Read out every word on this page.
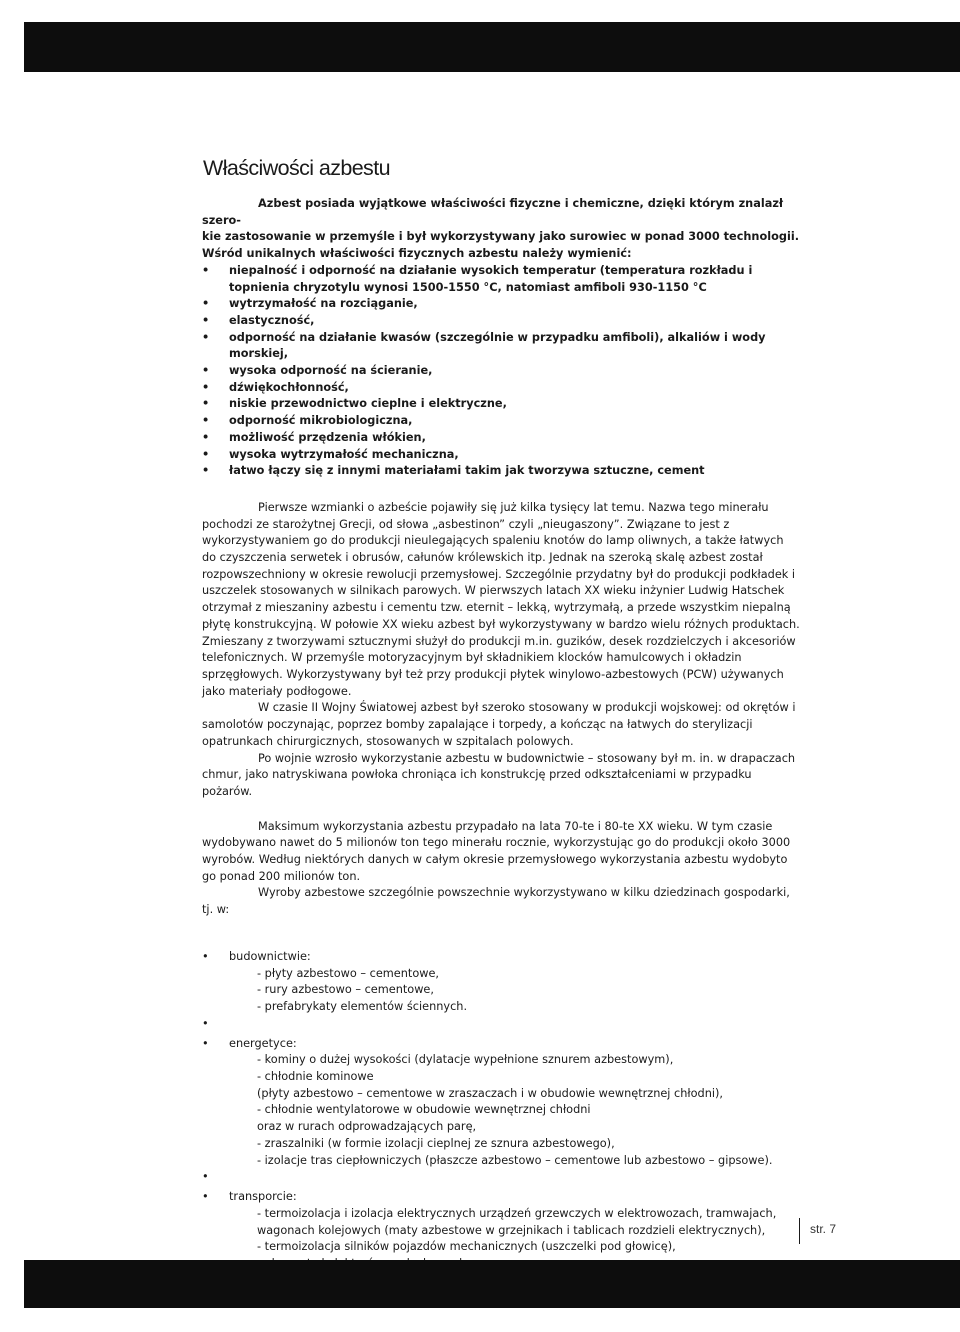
Właściwości azbestu

Azbest posiada wyjątkowe właściwości fizyczne i chemiczne, dzięki którym znalazł szero-

kie zastosowanie w przemyśle i był wykorzystywany jako surowiec w ponad 3000 technologii.

Wśród unikalnych właściwości fizycznych azbestu należy wymienić:

• niepalność i odporność na działanie wysokich temperatur (temperatura rozkładu i topnienia chryzotylu wynosi 1500-1550 °C, natomiast amfiboli 930-1150 °C
• wytrzymałość na rozciąganie,
• elastyczność,
• odporność na działanie kwasów (szczególnie w przypadku amfiboli), alkaliów i wody morskiej,
• wysoka odporność na ścieranie,
• dźwiękochłonność,
• niskie przewodnictwo cieplne i elektryczne,
• odporność mikrobiologiczna,
• możliwość przędzenia włókien,
• wysoka wytrzymałość mechaniczna,
• łatwo łączy się z innymi materiałami takim jak tworzywa sztuczne, cement

Pierwsze wzmianki o azbeście pojawiły się już kilka tysięcy lat temu. Nazwa tego minerału pochodzi ze starożytnej Grecji, od słowa „asbestinon” czyli „nieugaszony”. Związane to jest z wykorzystywaniem go do produkcji nieulegających spaleniu knotów do lamp oliwnych, a także łatwych do czyszczenia serwetek i obrusów, całunów królewskich itp. Jednak na szeroką skalę azbest został rozpowszechniony w okresie rewolucji przemysłowej. Szczególnie przydatny był do produkcji podkładek i uszczelek stosowanych w silnikach parowych. W pierwszych latach XX wieku inżynier Ludwig Hatschek otrzymał z mieszaniny azbestu i cementu tzw. eternit – lekką, wytrzymałą, a przede wszystkim niepalną płytę konstrukcyjną. W połowie XX wieku azbest był wykorzystywany w bardzo wielu różnych produktach. Zmieszany z tworzywami sztucznymi służył do produkcji m.in. guzików, desek rozdzielczych i akcesoriów telefonicznych. W przemyśle motoryzacyjnym był składnikiem klocków hamulcowych i okładzin sprzęgłowych. Wykorzystywany był też przy produkcji płytek winylowo-azbestowych (PCW) używanych jako materiały podłogowe.

W czasie II Wojny Światowej azbest był szeroko stosowany w produkcji wojskowej: od okrętów i samolotów poczynając, poprzez bomby zapalające i torpedy, a kończąc na łatwych do sterylizacji opatrunkach chirurgicznych, stosowanych w szpitalach polowych.

Po wojnie wzrosło wykorzystanie azbestu w budownictwie – stosowany był m. in. w drapaczach chmur, jako natryskiwana powłoka chroniąca ich konstrukcję przed odkształceniami w przypadku pożarów.

Maksimum wykorzystania azbestu przypadało na lata 70-te i 80-te XX wieku. W tym czasie wydobywano nawet do 5 milionów ton tego minerału rocznie, wykorzystując go do produkcji około 3000 wyrobów. Według niektórych danych w całym okresie przemysłowego wykorzystania azbestu wydobyto go ponad 200 milionów ton.

Wyroby azbestowe szczególnie powszechnie wykorzystywano w kilku dziedzinach gospodarki, tj. w:

• budownictwie:
- płyty azbestowo – cementowe,
- rury azbestowo – cementowe,
- prefabrykaty elementów ściennych.
•
• energetyce:
- kominy o dużej wysokości (dylatacje wypełnione sznurem azbestowym),
- chłodnie kominowe
(płyty azbestowo – cementowe w zraszaczach i w obudowie wewnętrznej chłodni),
- chłodnie wentylatorowe w obudowie wewnętrznej chłodni
oraz w rurach odprowadzających parę,
- zraszalniki (w formie izolacji cieplnej ze sznura azbestowego),
- izolacje tras ciepłowniczych (płaszcze azbestowo – cementowe lub azbestowo – gipsowe).
•
• transporcie:
- termoizolacja i izolacja elektrycznych urządzeń grzewczych w elektrowozach, tramwajach, wagonach kolejowych (maty azbestowe w grzejnikach i tablicach rozdzieli elektrycznych),
- termoizolacja silników pojazdów mechanicznych (uszczelki pod głowicę),
str. 7
